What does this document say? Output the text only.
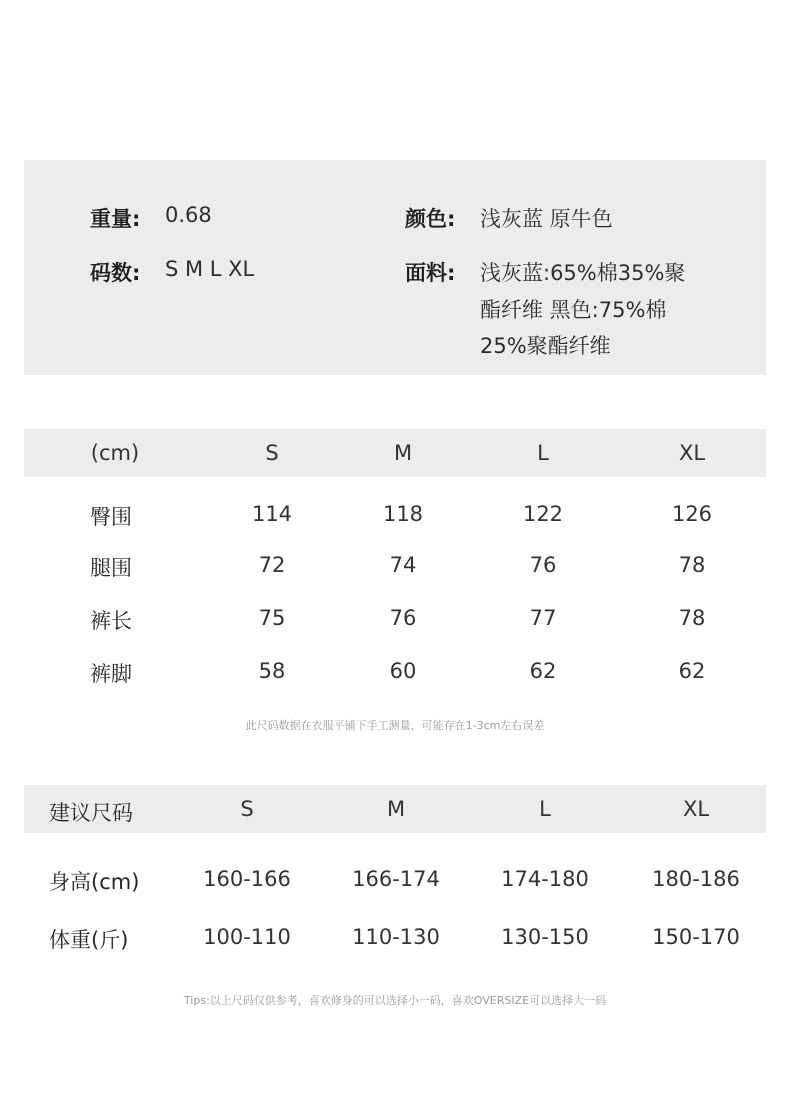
重量: 0.68	颜色: 浅灰蓝 原牛色
码数: S M L XL	面料: 浅灰蓝:65%棉35%聚
酯纤维 黑色:75%棉
25%聚酯纤维
(cm)	S	M	L	XL
臀围	114	118	122	126
腿围	72	74	76	78
裤长	75	76	77	78
裤脚	58	60	62	62
此尺码数据在衣服平铺下手工测量，可能存在1-3cm左右误差
建议尺码	S	M	L	XL
身高(cm)	160-166	166-174	174-180	180-186
体重(斤)	100-110	110-130	130-150	150-170
Tips:以上尺码仅供参考，喜欢修身的可以选择小一码，喜欢OVERSIZE可以选择大一码
